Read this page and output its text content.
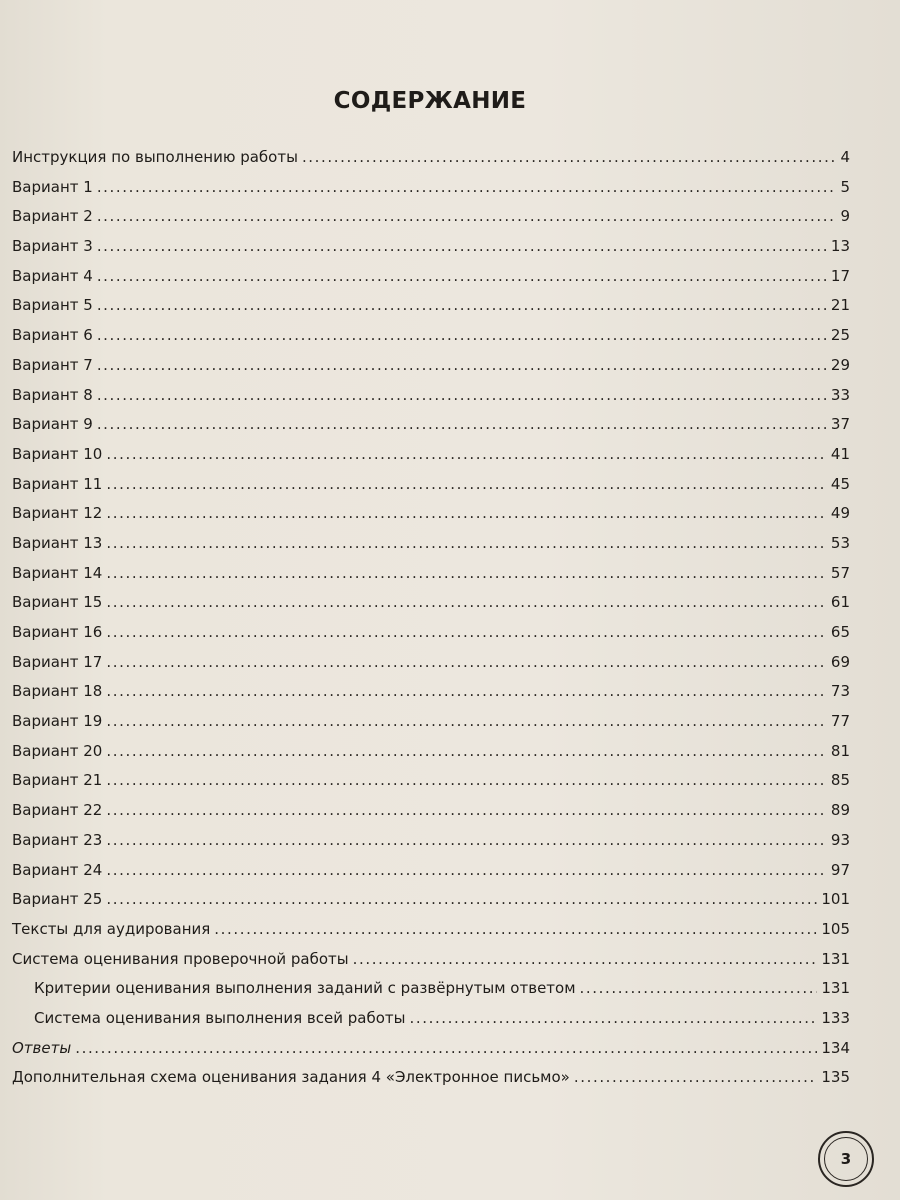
СОДЕРЖАНИЕ
Инструкция по выполнению работы .....	4
Вариант 1 .....	5
Вариант 2 .....	9
Вариант 3 .....	13
Вариант 4 .....	17
Вариант 5 .....	21
Вариант 6 .....	25
Вариант 7 .....	29
Вариант 8 .....	33
Вариант 9 .....	37
Вариант 10 .....	41
Вариант 11 .....	45
Вариант 12 .....	49
Вариант 13 .....	53
Вариант 14 .....	57
Вариант 15 .....	61
Вариант 16 .....	65
Вариант 17 .....	69
Вариант 18 .....	73
Вариант 19 .....	77
Вариант 20 .....	81
Вариант 21 .....	85
Вариант 22 .....	89
Вариант 23 .....	93
Вариант 24 .....	97
Вариант 25 .....	101
Тексты для аудирования .....	105
Система оценивания проверочной работы .....	131
Критерии оценивания выполнения заданий с развёрнутым ответом .....	131
Система оценивания выполнения всей работы .....	133
Ответы .....	134
Дополнительная схема оценивания задания 4 «Электронное письмо» .....	135
3
